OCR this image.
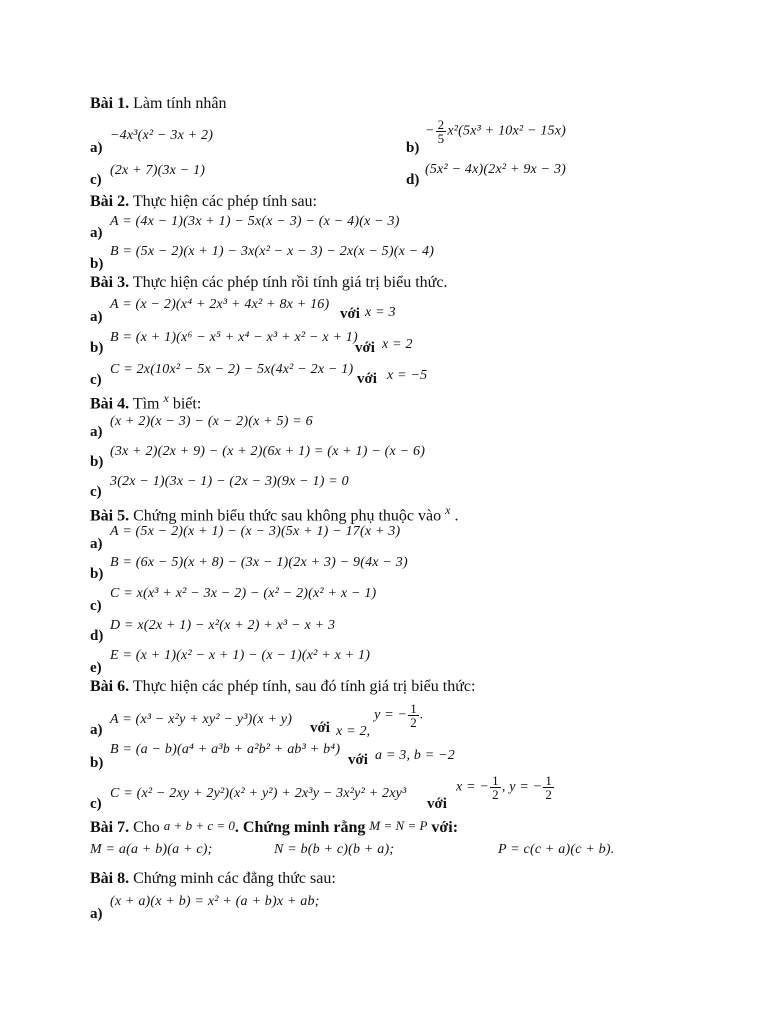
Bài 1. Làm tính nhân
a)
−4x³(x² − 3x + 2)
b)
− $\frac{2}{5} x^2(5x^3 + 10x^2 - 15x)$
c)
(2x + 7)(3x − 1)
d)
(5x² − 4x)(2x² + 9x − 3)
Bài 2. Thực hiện các phép tính sau:
a)
A = (4x − 1)(3x + 1) − 5x(x − 3) − (x − 4)(x − 3)
b)
B = (5x − 2)(x + 1) − 3x(x² − x − 3) − 2x(x − 5)(x − 4)
Bài 3. Thực hiện các phép tính rồi tính giá trị biểu thức.
a)
A = (x − 2)(x⁴ + 2x³ + 4x² + 8x + 16)
với x = 3
b)
B = (x + 1)(x⁶ − x⁵ + x⁴ − x³ + x² − x + 1)
với x = 2
c)
C = 2x(10x² − 5x − 2) − 5x(4x² − 2x − 1)
với x = −5
Bài 4. Tìm $^x$ biết:
a)
(x + 2)(x − 3) − (x − 2)(x + 5) = 6
b)
(3x + 2)(2x + 9) − (x + 2)(6x + 1) = (x + 1) − (x − 6)
c)
3(2x − 1)(3x − 1) − (2x − 3)(9x − 1) = 0
Bài 5. Chứng minh biểu thức sau không phụ thuộc vào $^x$ .
a)
A = (5x − 2)(x + 1) − (x − 3)(5x + 1) − 17(x + 3)
b)
B = (6x − 5)(x + 8) − (3x − 1)(2x + 3) − 9(4x − 3)
c)
C = x(x³ + x² − 3x − 2) − (x² − 2)(x² + x − 1)
d)
D = x(2x + 1) − x²(x + 2) + x³ − x + 3
e)
E = (x + 1)(x² − x + 1) − (x − 1)(x² + x + 1)
Bài 6. Thực hiện các phép tính, sau đó tính giá trị biểu thức:
a)
A = (x³ − x²y + xy² − y³)(x + y)
với x = 2, y = − $\frac{1}{2}$ .
b)
B = (a − b)(a⁴ + a³b + a²b² + ab³ + b⁴)
với a = 3, b = −2
c)
C = (x² − 2xy + 2y²)(x² + y²) + 2x³y − 3x²y² + 2xy³
với
x = − $\frac{1}{2}$ , y = − $\frac{1}{2}$
Bài 7. Cho a + b + c = 0. Chứng minh rằng M = N = P với:
M = a(a + b)(a + c);	N = b(b + c)(b + a);	P = c(c + a)(c + b).
Bài 8. Chứng minh các đẳng thức sau:
a)
(x + a)(x + b) = x² + (a + b)x + ab;
